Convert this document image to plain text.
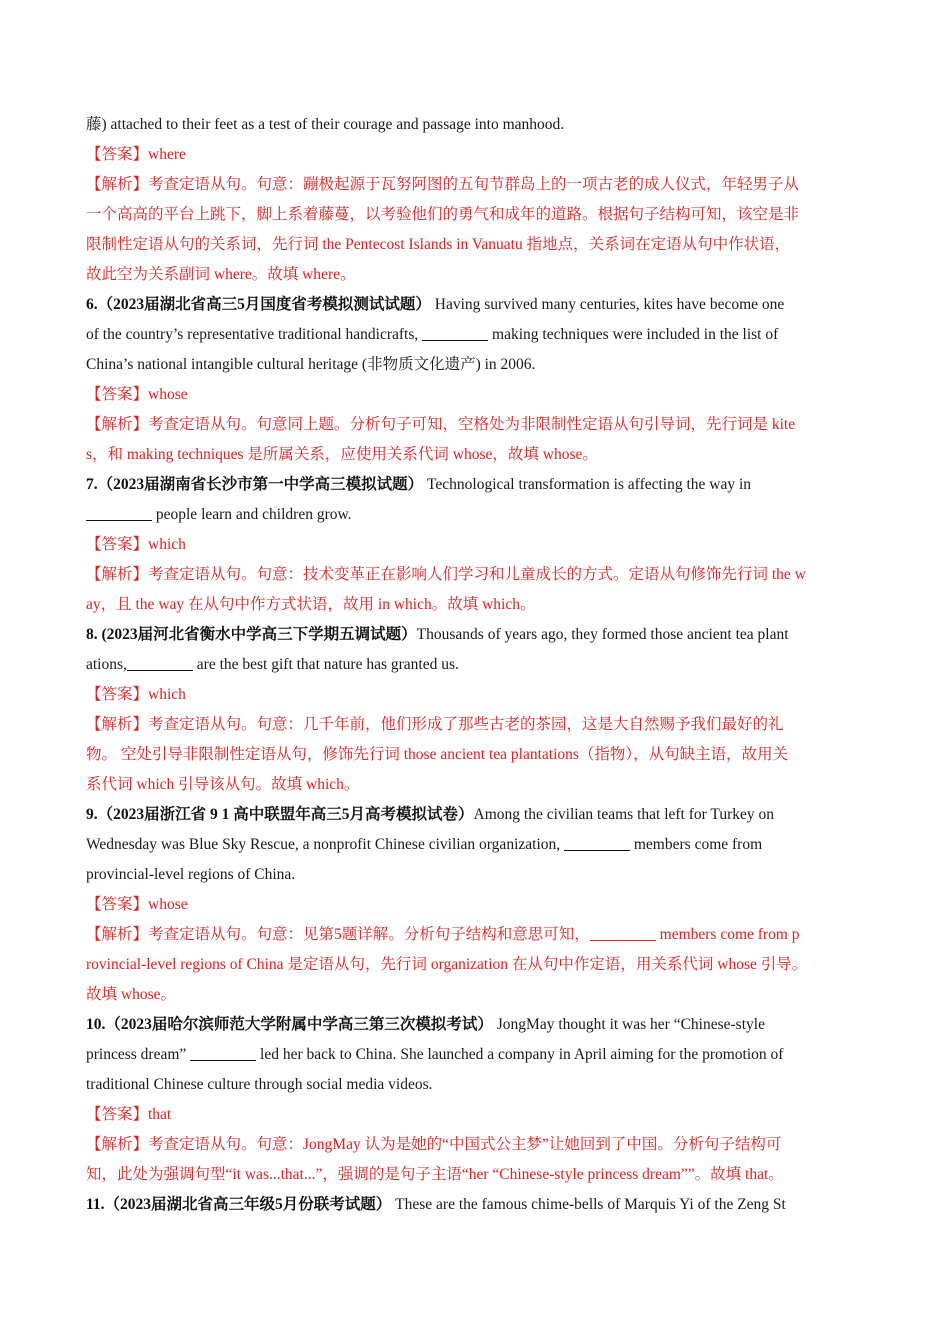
藤) attached to their feet as a test of their courage and passage into manhood.
【答案】where
【解析】考查定语从句。句意：蹦极起源于瓦努阿图的五旬节群岛上的一项古老的成人仪式，年轻男子从
一个高高的平台上跳下，脚上系着藤蔓，以考验他们的勇气和成年的道路。根据句子结构可知，该空是非
限制性定语从句的关系词，先行词 the Pentecost Islands in Vanuatu 指地点，关系词在定语从句中作状语，
故此空为关系副词 where。故填 where。
6.（2023届湖北省高三5月国度省考模拟测试试题） Having survived many centuries, kites have become one
of the country’s representative traditional handicrafts,	making techniques were included in the list of
China’s national intangible cultural heritage (非物质文化遗产) in 2006.
【答案】whose
【解析】考查定语从句。句意同上题。分析句子可知，空格处为非限制性定语从句引导词，先行词是 kite
s，和 making techniques 是所属关系，应使用关系代词 whose，故填 whose。
7.（2023届湖南省长沙市第一中学高三模拟试题） Technological transformation is affecting the way in
people learn and children grow.
【答案】which
【解析】考查定语从句。句意：技术变革正在影响人们学习和儿童成长的方式。定语从句修饰先行词 the w
ay，且 the way 在从句中作方式状语，故用 in which。故填 which。
8. (2023届河北省衡水中学高三下学期五调试题）Thousands of years ago, they formed those ancient tea plant
ations,	are the best gift that nature has granted us.
【答案】which
【解析】考查定语从句。句意：几千年前，他们形成了那些古老的茶园，这是大自然赐予我们最好的礼
物。 空处引导非限制性定语从句，修饰先行词 those ancient tea plantations（指物），从句缺主语，故用关
系代词 which 引导该从句。故填 which。
9.（2023届浙江省 9 1 高中联盟年高三5月高考模拟试卷）Among the civilian teams that left for Turkey on
Wednesday was Blue Sky Rescue, a nonprofit Chinese civilian organization,	members come from
provincial-level regions of China.
【答案】whose
【解析】考查定语从句。句意：见第5题详解。分析句子结构和意思可知，	members come from p
rovincial-level regions of China 是定语从句，先行词 organization 在从句中作定语，用关系代词 whose 引导。
故填 whose。
10.（2023届哈尔滨师范大学附属中学高三第三次模拟考试） JongMay thought it was her “Chinese-style
princess dream”	led her back to China. She launched a company in April aiming for the promotion of
traditional Chinese culture through social media videos.
【答案】that
【解析】考查定语从句。句意：JongMay 认为是她的“中国式公主梦”让她回到了中国。分析句子结构可
知，此处为强调句型“it was...that...”，强调的是句子主语“her “Chinese-style princess dream””。故填 that。
11.（2023届湖北省高三年级5月份联考试题） These are the famous chime-bells of Marquis Yi of the Zeng St
